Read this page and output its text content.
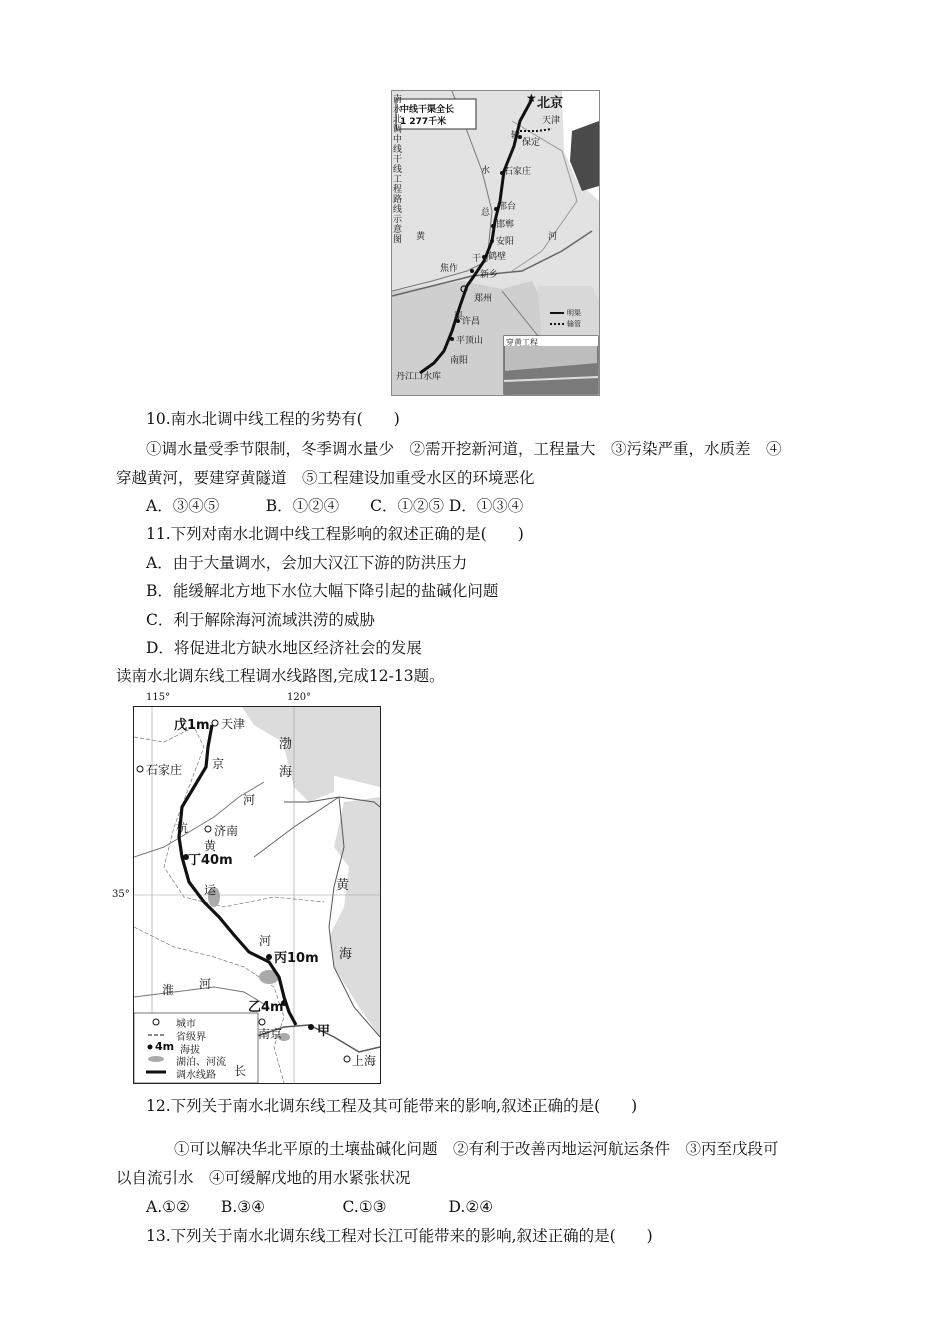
南水北调中线干线工程路线示意图
中线干渠全长
1 277千米
★ 北京
天津
保定
石家庄
邢台
邯郸
安阳
鹤壁
新乡
焦作
郑州
许昌
平顶山
南阳
丹江口水库
输
水
总
干
渠
黄	河
明渠
输管
穿黄工程
10.南水北调中线工程的劣势有(　　)
①调水量受季节限制，冬季调水量少　②需开挖新河道，工程量大　③污染严重，水质差　④
穿越黄河，要建穿黄隧道　⑤工程建设加重受水区的环境恶化
A．③④⑤　　　B．①②④　　C．①②⑤ D．①③④
11.下列对南水北调中线工程影响的叙述正确的是(　　)
A．由于大量调水，会加大汉江下游的防洪压力
B．能缓解北方地下水位大幅下降引起的盐碱化问题
C．利于解除海河流域洪涝的威胁
D．将促进北方缺水地区经济社会的发展
读南水北调东线工程调水线路图,完成12-13题。
115°	120°
35°
戊1m 天津
石家庄
济南
丁40m
丙10m
乙4m
南京	甲
上海
渤
海
黄
海
京
杭
运
河
黄
河
淮 河
长
城市
省级界
4m 海拔
湖泊、河流
调水线路
12.下列关于南水北调东线工程及其可能带来的影响,叙述正确的是(　　)
①可以解决华北平原的土壤盐碱化问题　②有利于改善丙地运河航运条件　③丙至戊段可
以自流引水　④可缓解戊地的用水紧张状况
A.①②　　B.③④　　　　　C.①③　　　　D.②④
13.下列关于南水北调东线工程对长江可能带来的影响,叙述正确的是(　　)
